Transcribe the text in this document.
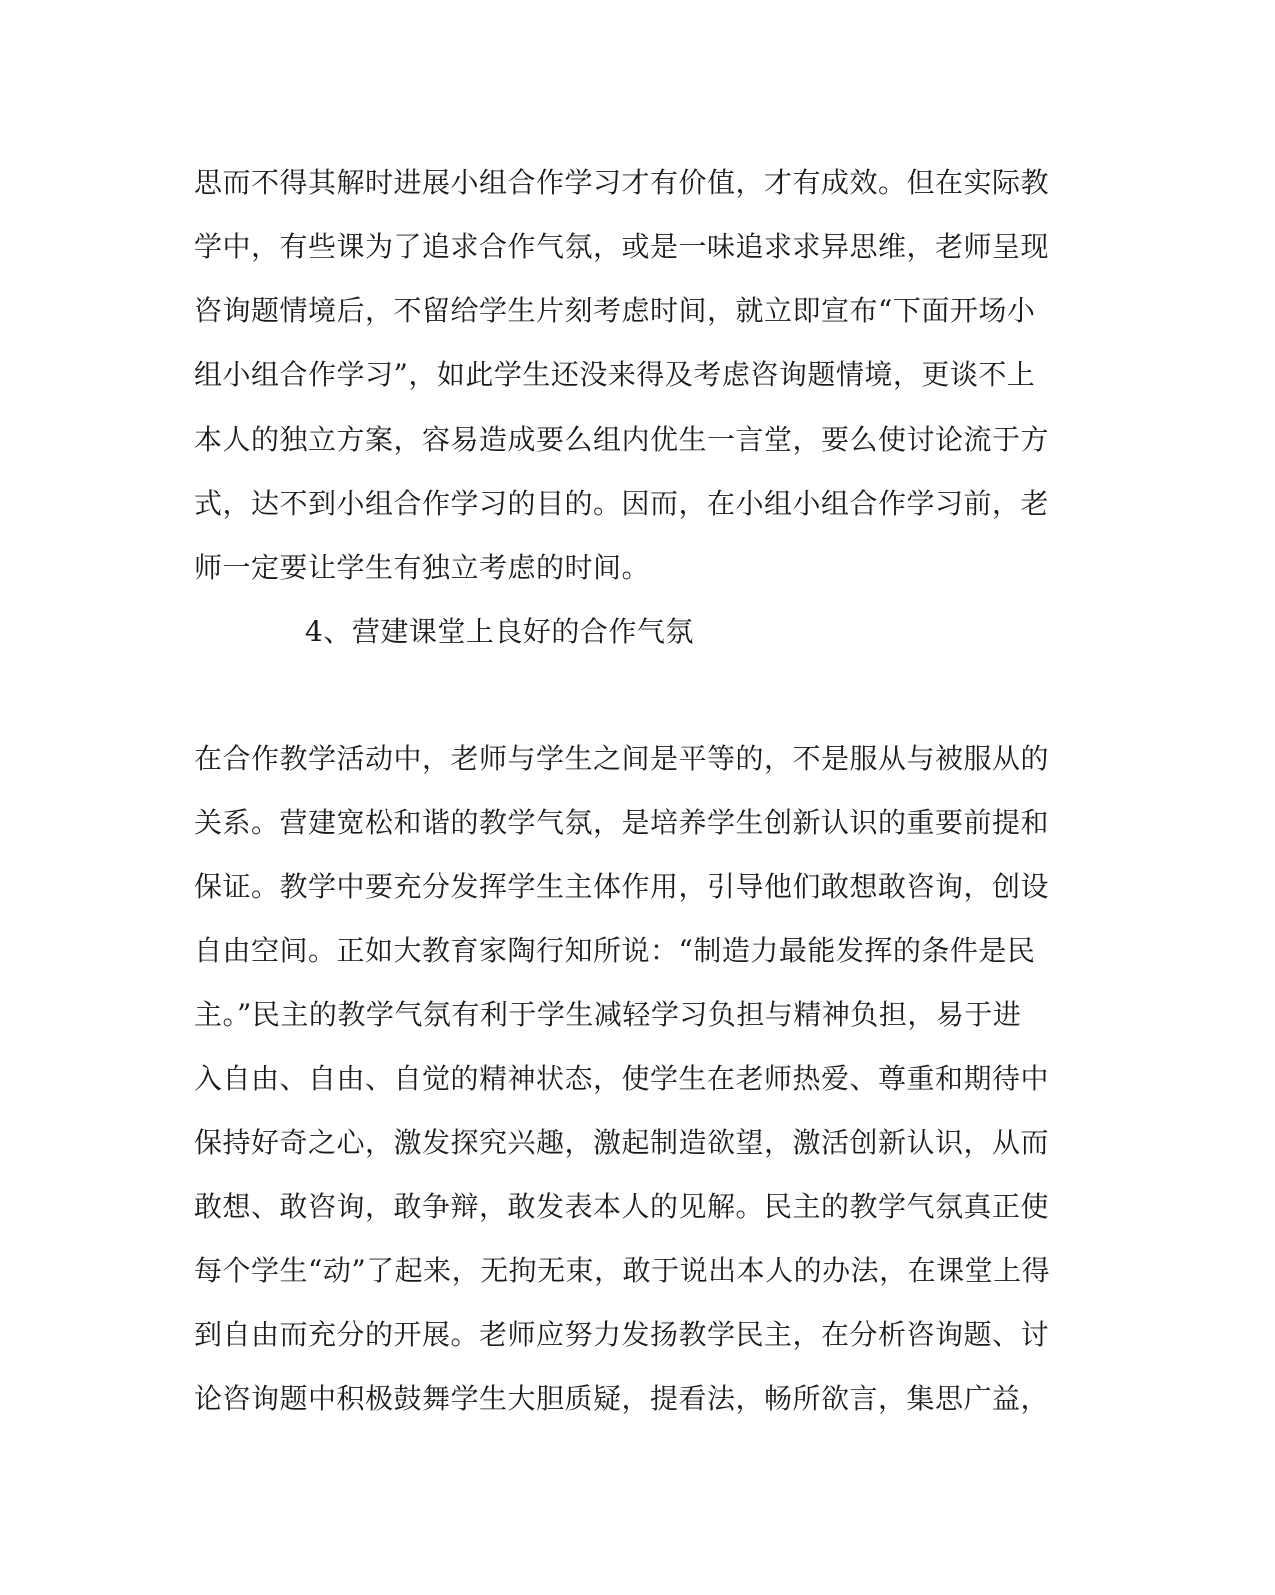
思而不得其解时进展小组合作学习才有价值，才有成效。但在实际教
学中，有些课为了追求合作气氛，或是一味追求求异思维，老师呈现
咨询题情境后，不留给学生片刻考虑时间，就立即宣布“下面开场小
组小组合作学习”，如此学生还没来得及考虑咨询题情境，更谈不上
本人的独立方案，容易造成要么组内优生一言堂，要么使讨论流于方
式，达不到小组合作学习的目的。因而，在小组小组合作学习前，老
师一定要让学生有独立考虑的时间。
4、营建课堂上良好的合作气氛
在合作教学活动中，老师与学生之间是平等的，不是服从与被服从的
关系。营建宽松和谐的教学气氛，是培养学生创新认识的重要前提和
保证。教学中要充分发挥学生主体作用，引导他们敢想敢咨询，创设
自由空间。正如大教育家陶行知所说：“制造力最能发挥的条件是民
主。”民主的教学气氛有利于学生减轻学习负担与精神负担，易于进
入自由、自由、自觉的精神状态，使学生在老师热爱、尊重和期待中
保持好奇之心，激发探究兴趣，激起制造欲望，激活创新认识，从而
敢想、敢咨询，敢争辩，敢发表本人的见解。民主的教学气氛真正使
每个学生“动”了起来，无拘无束，敢于说出本人的办法，在课堂上得
到自由而充分的开展。老师应努力发扬教学民主，在分析咨询题、讨
论咨询题中积极鼓舞学生大胆质疑，提看法，畅所欲言，集思广益，
